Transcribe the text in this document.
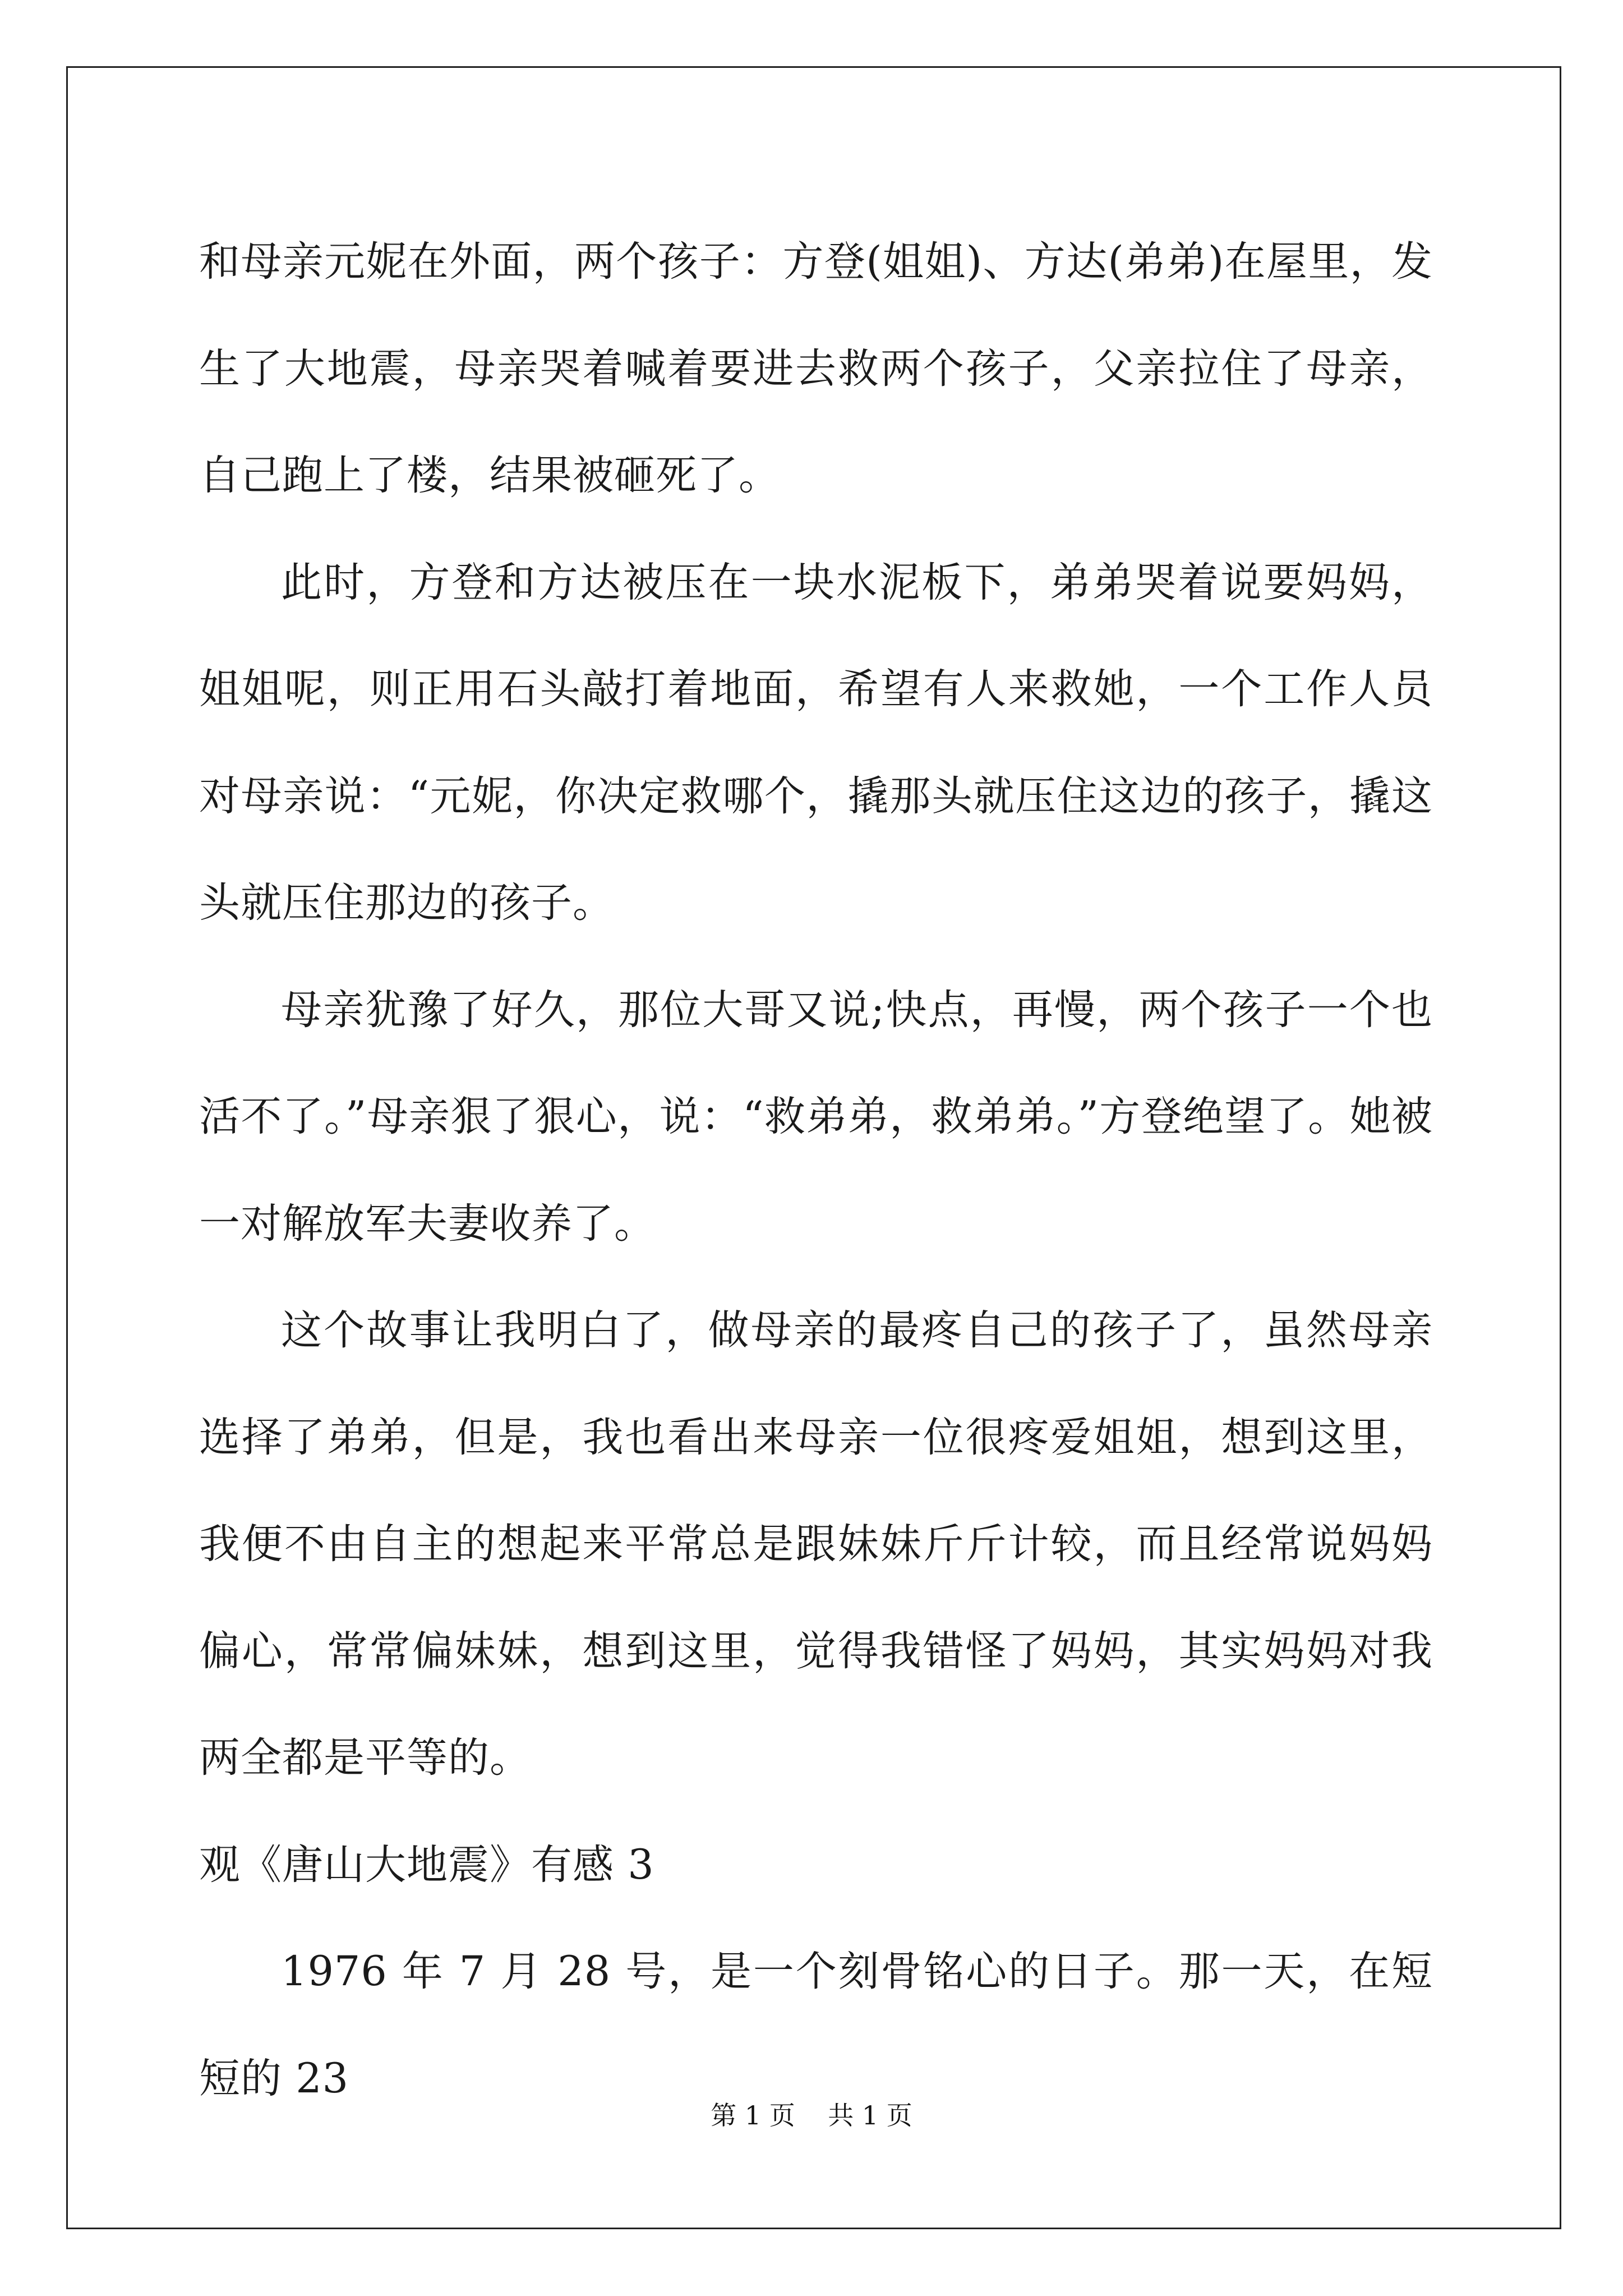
和母亲元妮在外面，两个孩子：方登(姐姐)、方达(弟弟)在屋里，发生了大地震，母亲哭着喊着要进去救两个孩子，父亲拉住了母亲，自己跑上了楼，结果被砸死了。

此时，方登和方达被压在一块水泥板下，弟弟哭着说要妈妈，姐姐呢，则正用石头敲打着地面，希望有人来救她，一个工作人员对母亲说：“元妮，你决定救哪个，撬那头就压住这边的孩子，撬这头就压住那边的孩子。

母亲犹豫了好久，那位大哥又说;快点，再慢，两个孩子一个也活不了。”母亲狠了狠心，说：“救弟弟，救弟弟。”方登绝望了。她被一对解放军夫妻收养了。

这个故事让我明白了，做母亲的最疼自己的孩子了，虽然母亲选择了弟弟，但是，我也看出来母亲一位很疼爱姐姐，想到这里，我便不由自主的想起来平常总是跟妹妹斤斤计较，而且经常说妈妈偏心，常常偏妹妹，想到这里，觉得我错怪了妈妈，其实妈妈对我两全都是平等的。

观《唐山大地震》有感 3

1976 年 7 月 28 号，是一个刻骨铭心的日子。那一天，在短短的 23

第 1 页    共 1 页
